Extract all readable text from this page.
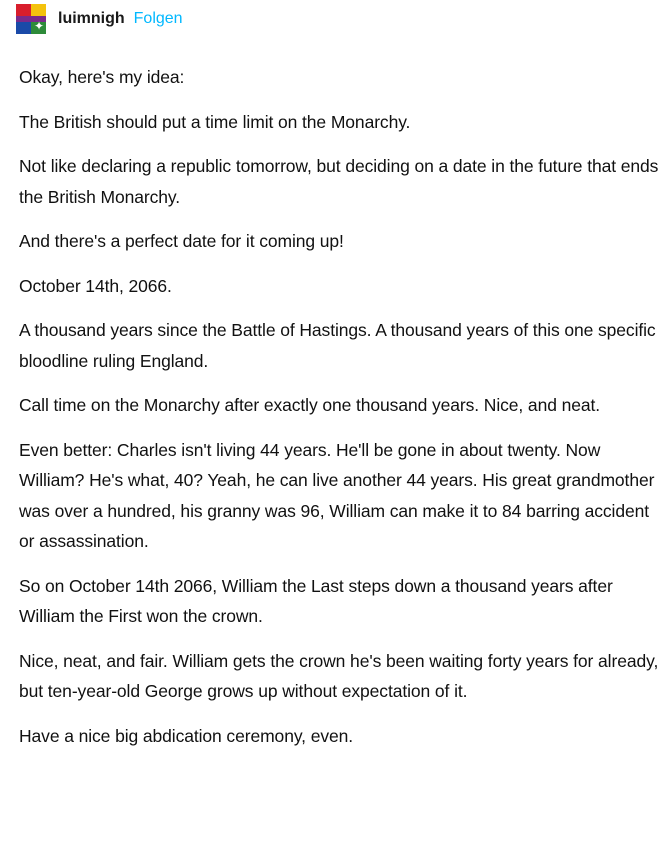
✦ luimnigh Folgen

Okay, here's my idea:

The British should put a time limit on the Monarchy.

Not like declaring a republic tomorrow, but deciding on a date in the future that ends the British Monarchy.

And there's a perfect date for it coming up!

October 14th, 2066.

A thousand years since the Battle of Hastings. A thousand years of this one specific bloodline ruling England.

Call time on the Monarchy after exactly one thousand years. Nice, and neat.

Even better: Charles isn't living 44 years. He'll be gone in about twenty. Now William? He's what, 40? Yeah, he can live another 44 years. His great grandmother was over a hundred, his granny was 96, William can make it to 84 barring accident or assassination.

So on October 14th 2066, William the Last steps down a thousand years after William the First won the crown.

Nice, neat, and fair. William gets the crown he's been waiting forty years for already, but ten-year-old George grows up without expectation of it.

Have a nice big abdication ceremony, even.
